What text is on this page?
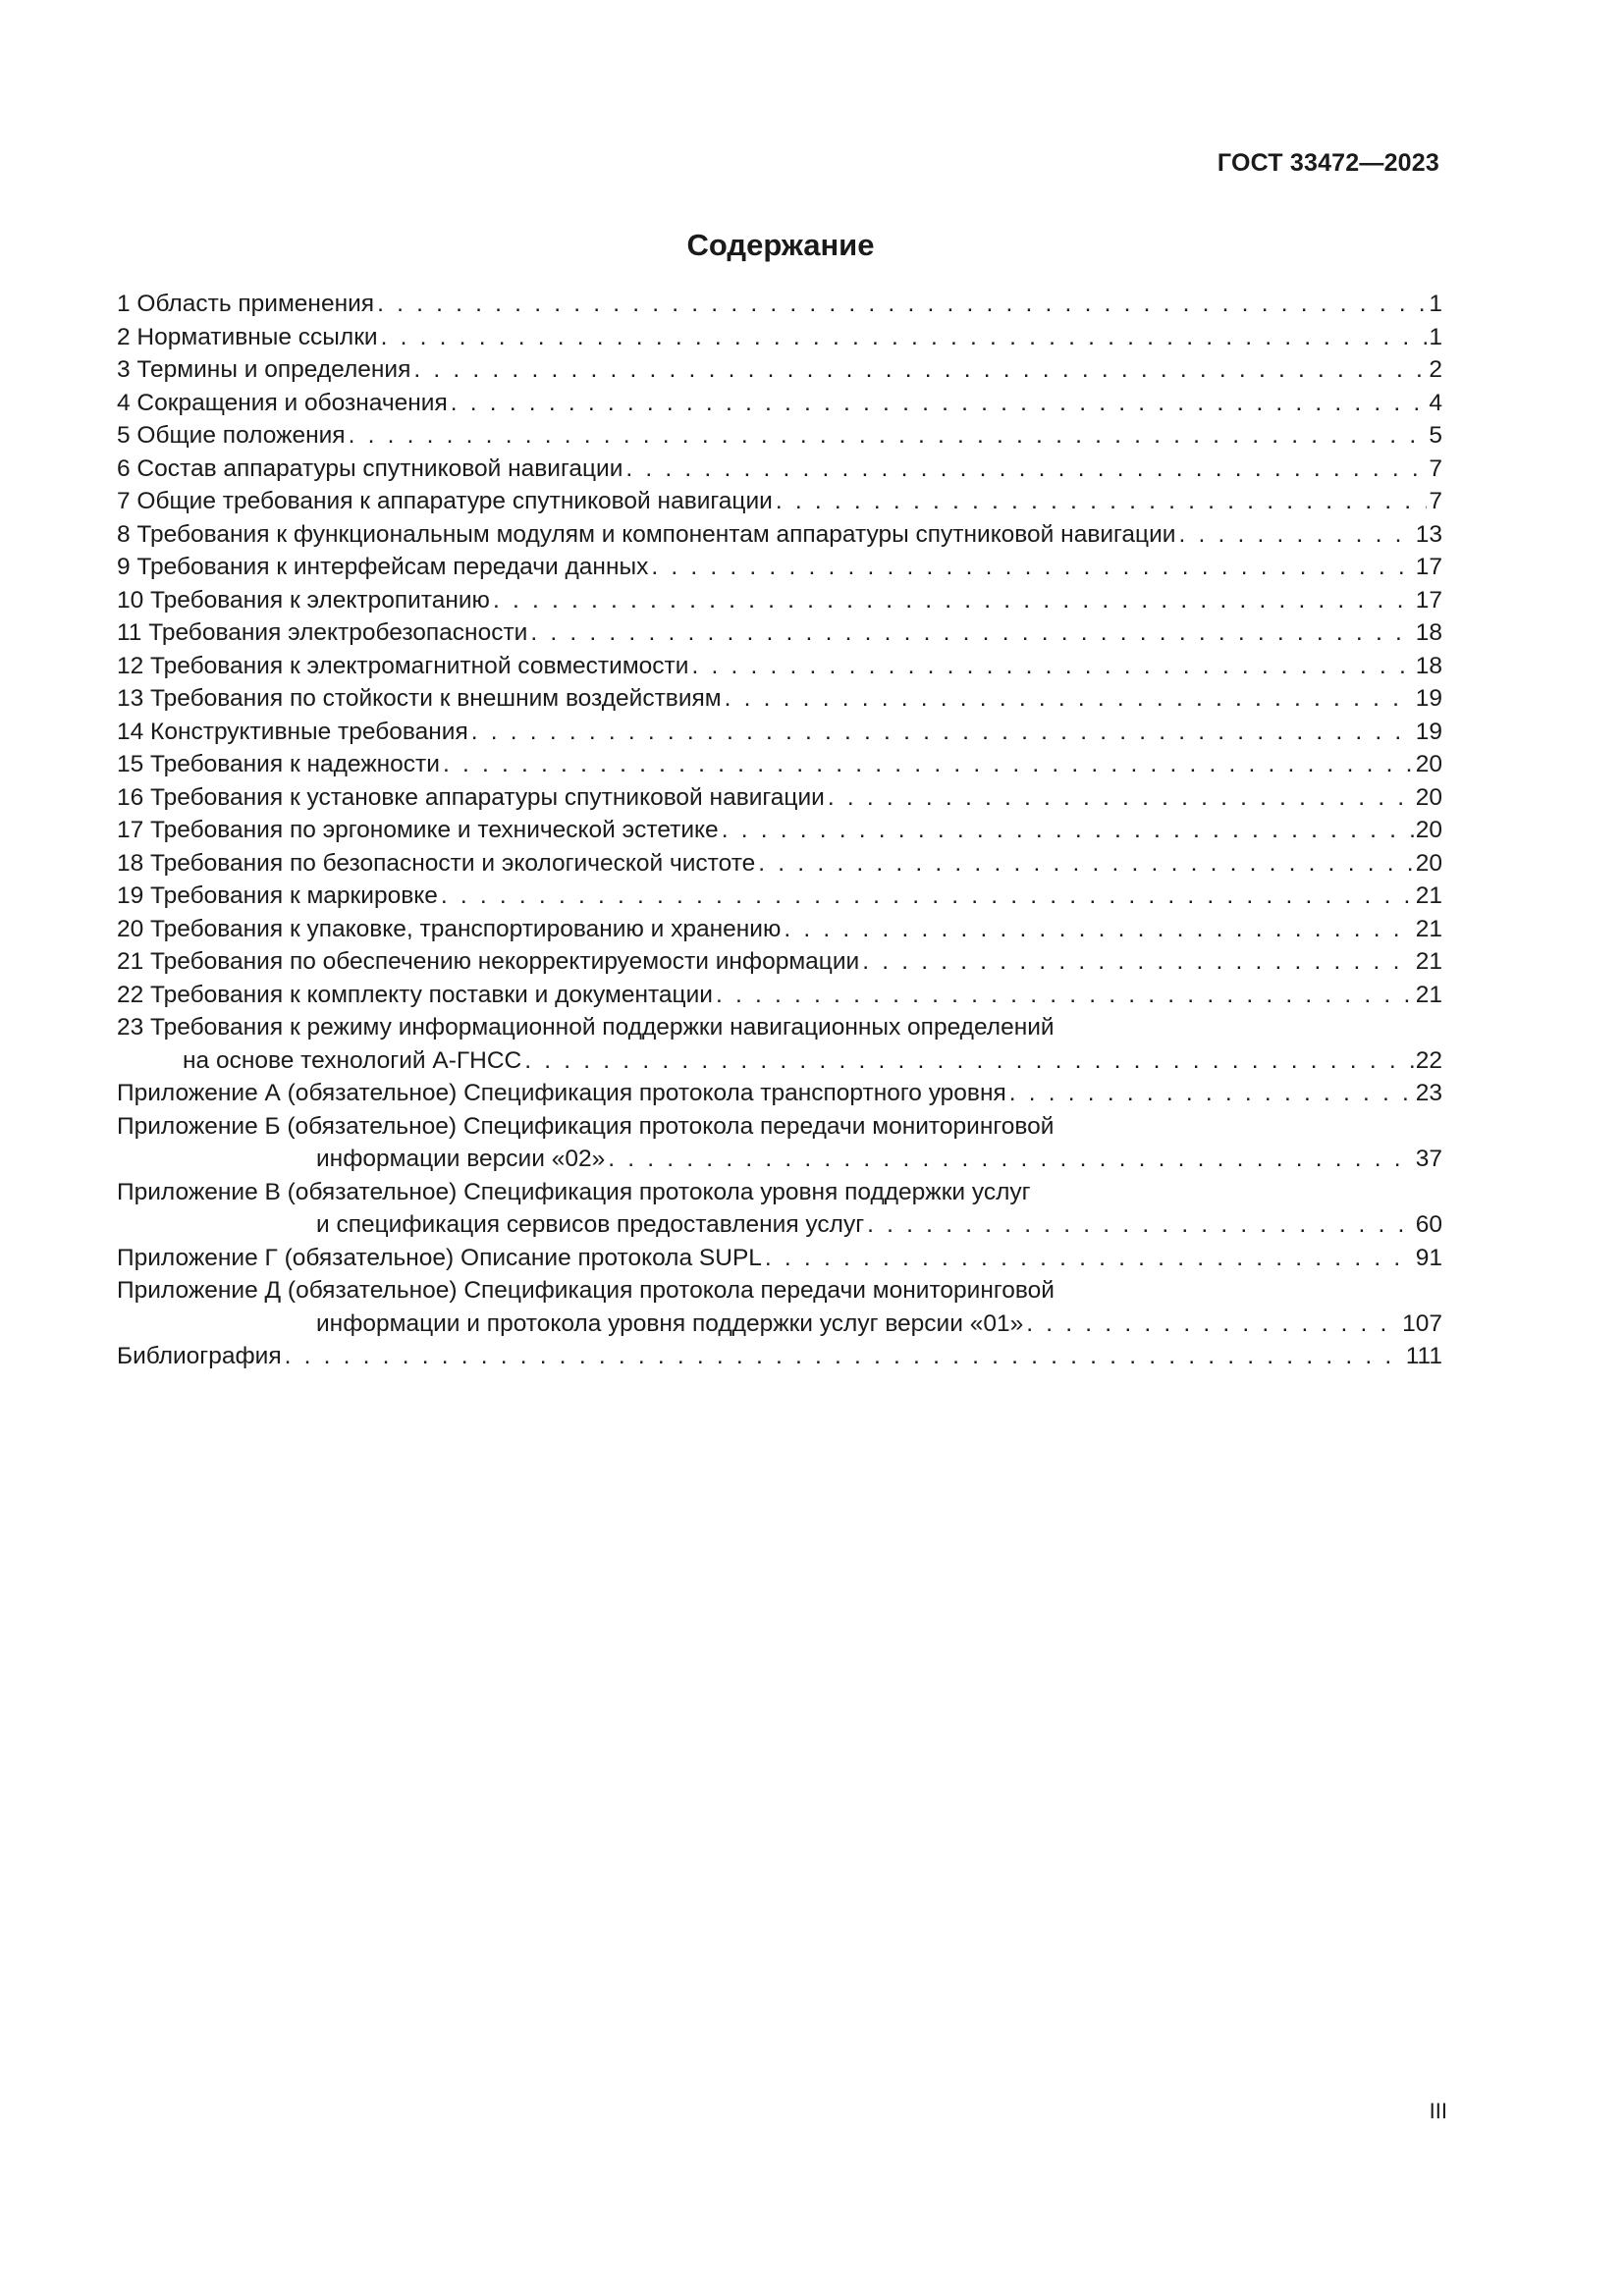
ГОСТ 33472—2023
Содержание
1 Область применения . . .	1
2 Нормативные ссылки . . .	1
3 Термины и определения . . .	2
4 Сокращения и обозначения . . .	4
5 Общие положения . . .	5
6 Состав аппаратуры спутниковой навигации . . .	7
7 Общие требования к аппаратуре спутниковой навигации . . .	7
8 Требования к функциональным модулям и компонентам аппаратуры спутниковой навигации . . .	13
9 Требования к интерфейсам передачи данных . . .	17
10 Требования к электропитанию . . .	17
11 Требования электробезопасности . . .	18
12 Требования к электромагнитной совместимости . . .	18
13 Требования по стойкости к внешним воздействиям . . .	19
14 Конструктивные требования . . .	19
15 Требования к надежности . . .	20
16 Требования к установке аппаратуры спутниковой навигации . . .	20
17 Требования по эргономике и технической эстетике . . .	20
18 Требования по безопасности и экологической чистоте . . .	20
19 Требования к маркировке . . .	21
20 Требования к упаковке, транспортированию и хранению . . .	21
21 Требования по обеспечению некорректируемости информации . . .	21
22 Требования к комплекту поставки и документации . . .	21
23 Требования к режиму информационной поддержки навигационных определений
на основе технологий А-ГНСС . . .	22
Приложение А (обязательное) Спецификация протокола транспортного уровня . . .	23
Приложение Б (обязательное) Спецификация протокола передачи мониторинговой
информации версии «02» . . .	37
Приложение В (обязательное) Спецификация протокола уровня поддержки услуг
и спецификация сервисов предоставления услуг . . .	60
Приложение Г (обязательное) Описание протокола SUPL . . .	91
Приложение Д (обязательное) Спецификация протокола передачи мониторинговой
информации и протокола уровня поддержки услуг версии «01» . . .	107
Библиография . . .	111
III
